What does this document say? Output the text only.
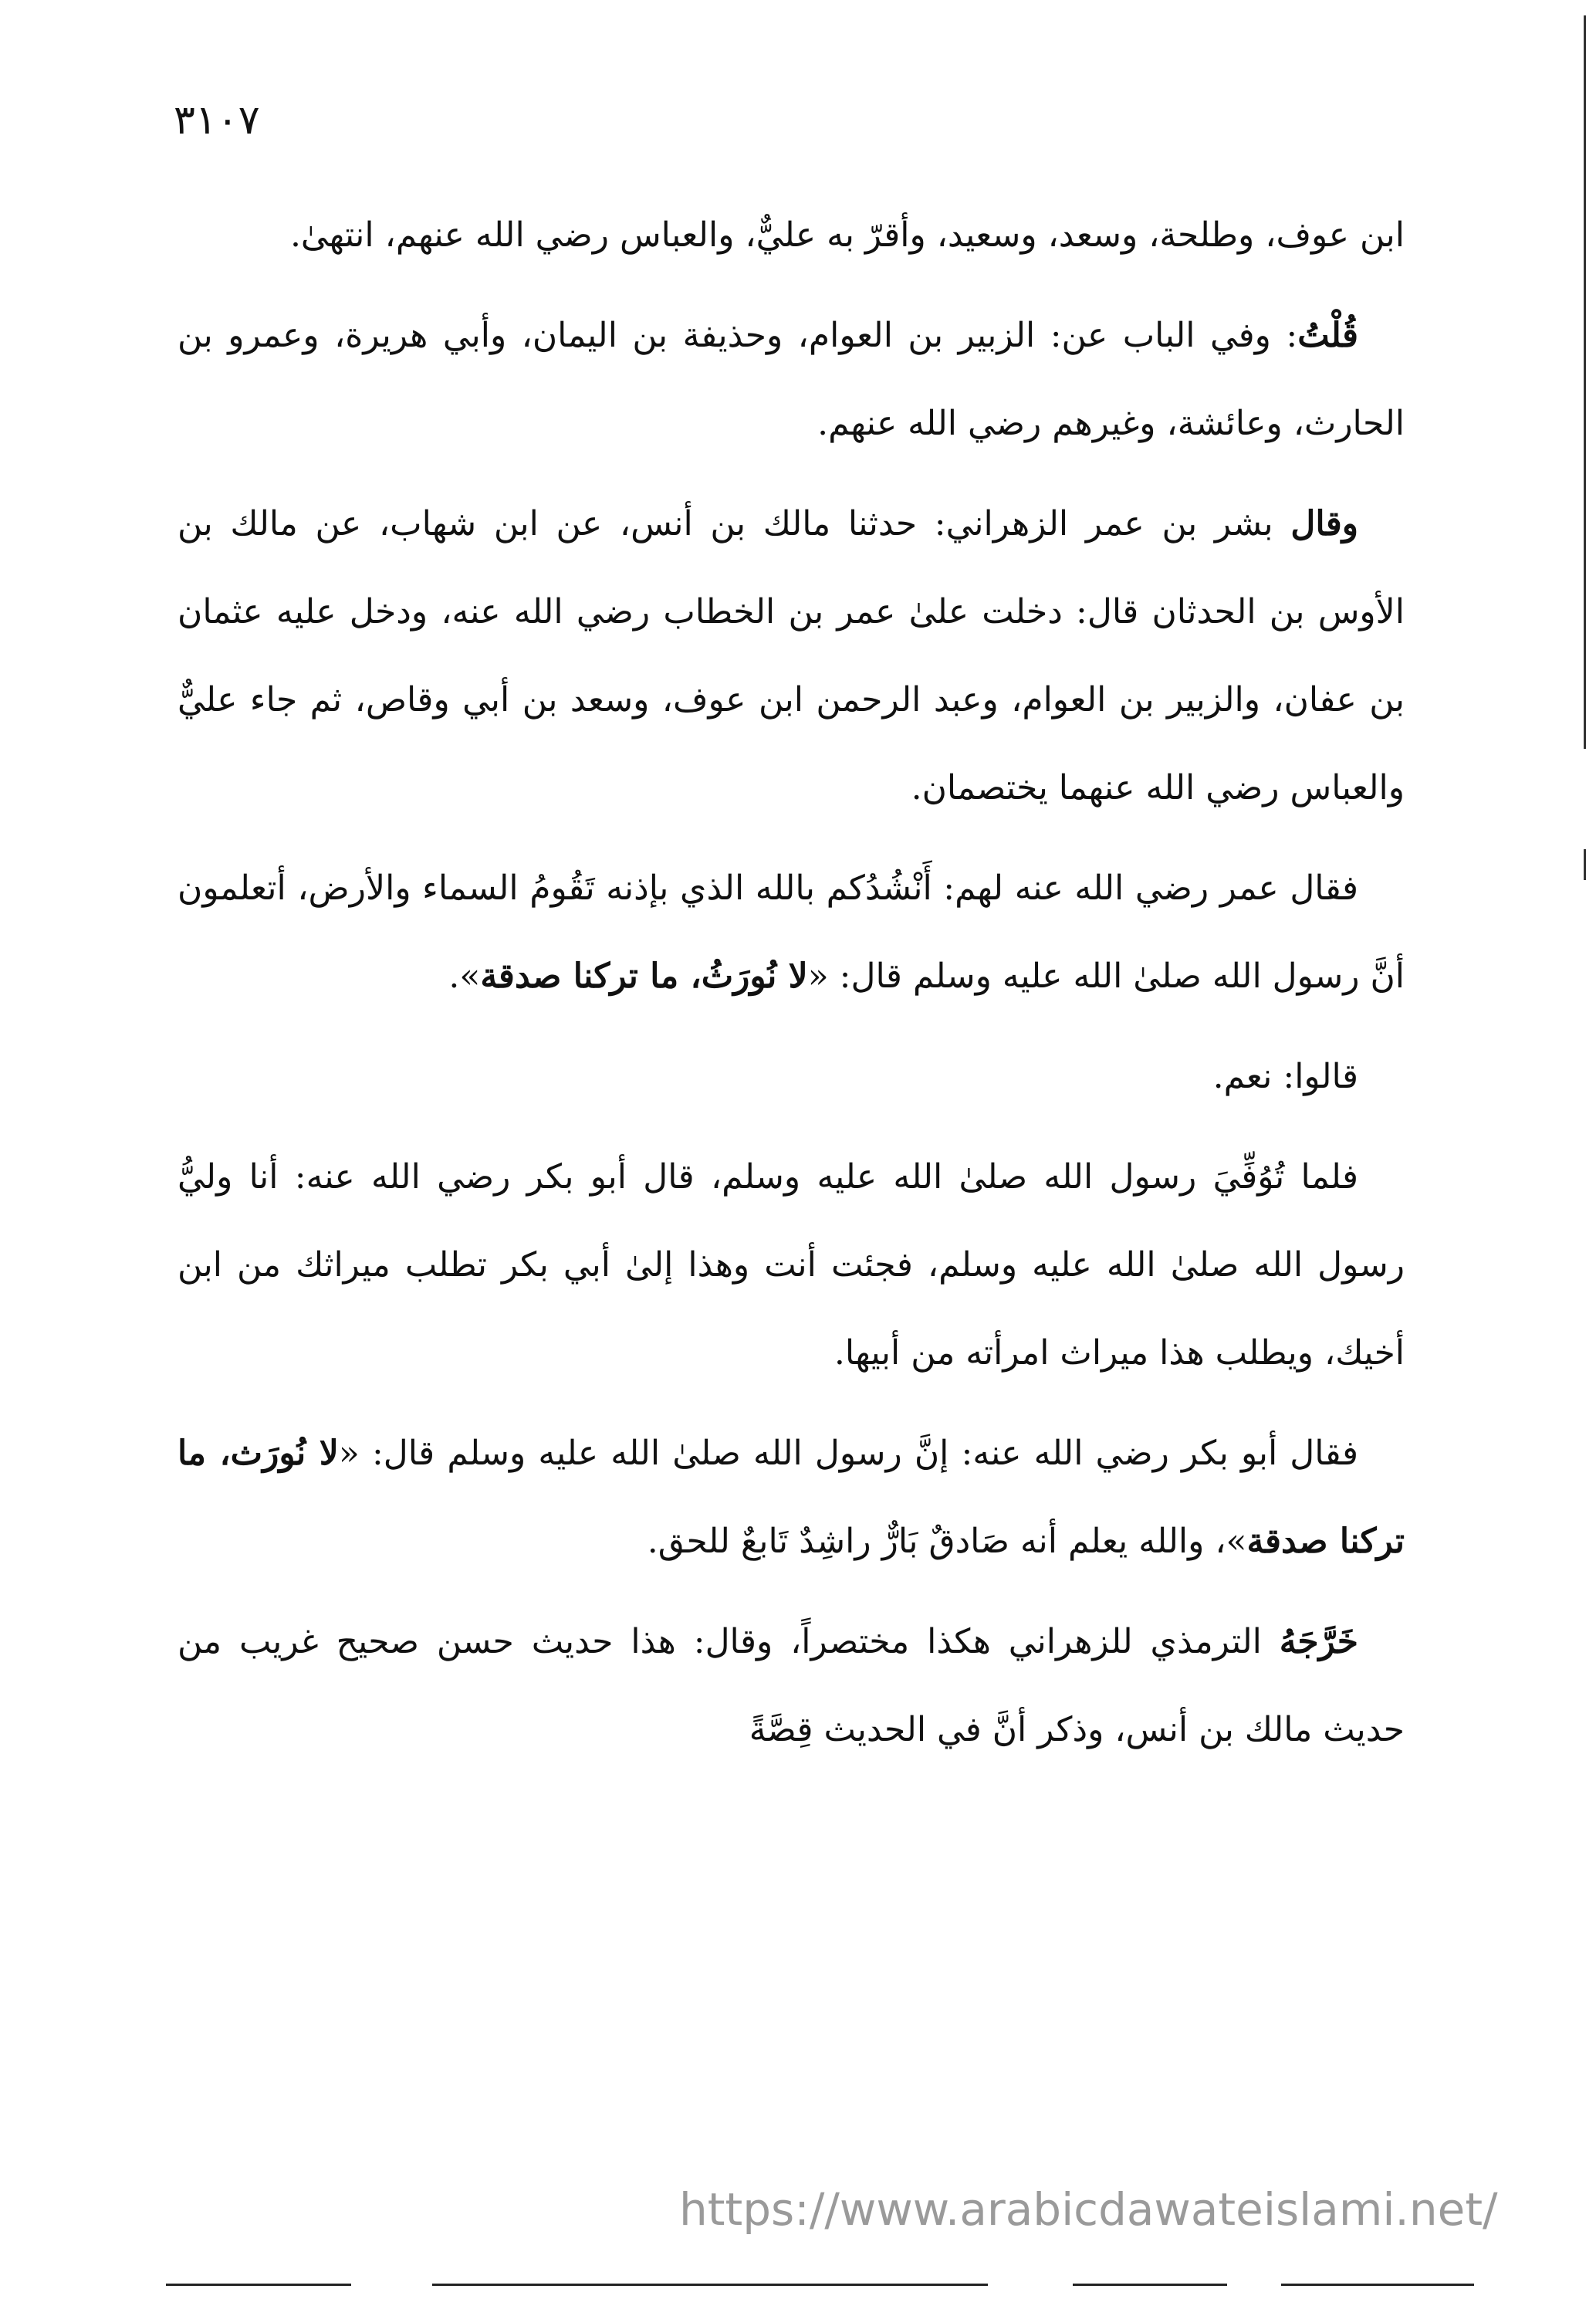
٣١٠٧

ابن عوف، وطلحة، وسعد، وسعيد، وأقرّ به عليٌّ، والعباس رضي الله عنهم، انتهىٰ.

قُلْتُ: وفي الباب عن: الزبير بن العوام، وحذيفة بن اليمان، وأبي هريرة، وعمرو بن الحارث، وعائشة، وغيرهم رضي الله عنهم.

وقال بشر بن عمر الزهراني: حدثنا مالك بن أنس، عن ابن شهاب، عن مالك بن الأوس بن الحدثان قال: دخلت علىٰ عمر بن الخطاب رضي الله عنه، ودخل عليه عثمان بن عفان، والزبير بن العوام، وعبد الرحمن ابن عوف، وسعد بن أبي وقاص، ثم جاء عليٌّ والعباس رضي الله عنهما يختصمان.

فقال عمر رضي الله عنه لهم: أَنْشُدُكم بالله الذي بإذنه تَقُومُ السماء والأرض، أتعلمون أنَّ رسول الله صلىٰ الله عليه وسلم قال: «لا نُورَثُ، ما تركنا صدقة».

قالوا: نعم.

فلما تُوُفِّيَ رسول الله صلىٰ الله عليه وسلم، قال أبو بكر رضي الله عنه: أنا وليُّ رسول الله صلىٰ الله عليه وسلم، فجئت أنت وهذا إلىٰ أبي بكر تطلب ميراثك من ابن أخيك، ويطلب هذا ميراث امرأته من أبيها.

فقال أبو بكر رضي الله عنه: إنَّ رسول الله صلىٰ الله عليه وسلم قال: «لا نُورَث، ما تركنا صدقة»، والله يعلم أنه صَادقٌ بَارٌّ راشِدٌ تَابعٌ للحق.

خَرَّجَهُ الترمذي للزهراني هكذا مختصراً، وقال: هذا حديث حسن صحيح غريب من حديث مالك بن أنس، وذكر أنَّ في الحديث قِصَّةً

https://www.arabicdawateislami.net/
